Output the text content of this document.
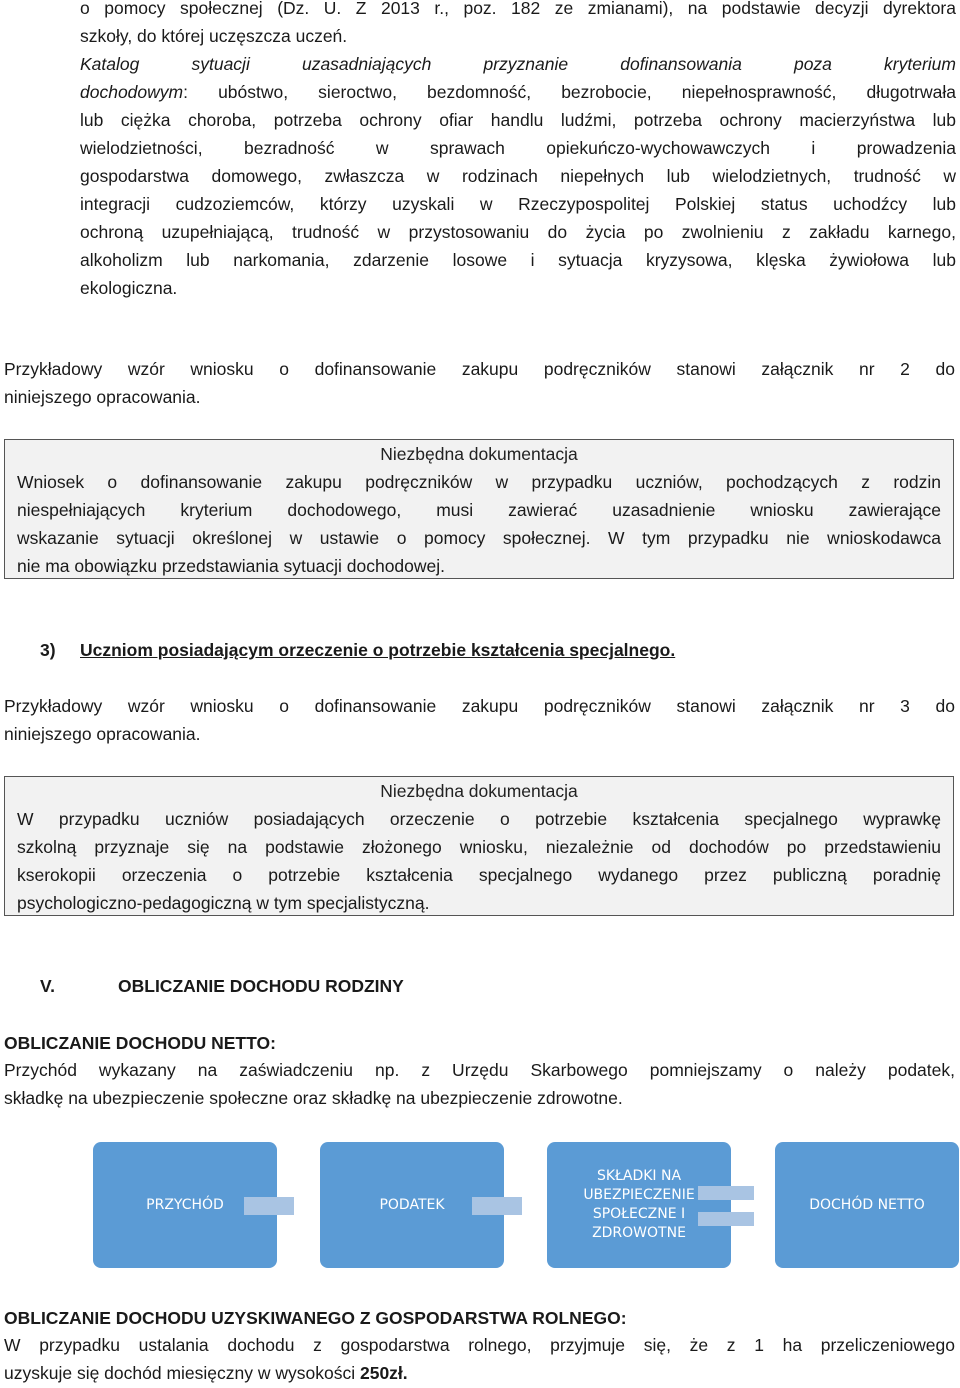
o pomocy społecznej (Dz. U. Z 2013 r., poz. 182 ze zmianami), na podstawie decyzji dyrektora
szkoły, do której uczęszcza uczeń.
Katalog sytuacji uzasadniających przyznanie dofinansowania poza kryterium
dochodowym: ubóstwo, sieroctwo, bezdomność, bezrobocie, niepełnosprawność, długotrwała
lub ciężka choroba, potrzeba ochrony ofiar handlu ludźmi, potrzeba ochrony macierzyństwa lub
wielodzietności, bezradność w sprawach opiekuńczo-wychowawczych i prowadzenia
gospodarstwa domowego, zwłaszcza w rodzinach niepełnych lub wielodzietnych, trudność w
integracji cudzoziemców, którzy uzyskali w Rzeczypospolitej Polskiej status uchodźcy lub
ochroną uzupełniającą, trudność w przystosowaniu do życia po zwolnieniu z zakładu karnego,
alkoholizm lub narkomania, zdarzenie losowe i sytuacja kryzysowa, klęska żywiołowa lub
ekologiczna.
Przykładowy wzór wniosku o dofinansowanie zakupu podręczników stanowi załącznik nr 2 do
niniejszego opracowania.
Niezbędna dokumentacja
Wniosek o dofinansowanie zakupu podręczników w przypadku uczniów, pochodzących z rodzin
niespełniających kryterium dochodowego, musi zawierać uzasadnienie wniosku zawierające
wskazanie sytuacji określonej w ustawie o pomocy społecznej. W tym przypadku nie wnioskodawca
nie ma obowiązku przedstawiania sytuacji dochodowej.
3) Uczniom posiadającym orzeczenie o potrzebie kształcenia specjalnego.
Przykładowy wzór wniosku o dofinansowanie zakupu podręczników stanowi załącznik nr 3 do
niniejszego opracowania.
Niezbędna dokumentacja
W przypadku uczniów posiadających orzeczenie o potrzebie kształcenia specjalnego wyprawkę
szkolną przyznaje się na podstawie złożonego wniosku, niezależnie od dochodów po przedstawieniu
kserokopii orzeczenia o potrzebie kształcenia specjalnego wydanego przez publiczną poradnię
psychologiczno-pedagogiczną w tym specjalistyczną.
V.	OBLICZANIE DOCHODU RODZINY
OBLICZANIE DOCHODU NETTO:
Przychód wykazany na zaświadczeniu np. z Urzędu Skarbowego pomniejszamy o należy podatek,
składkę na ubezpieczenie społeczne oraz składkę na ubezpieczenie zdrowotne.
PRZYCHÓD	PODATEK
SKŁADKI NA
UBEZPIECZENIE
SPOŁECZNE I
ZDROWOTNE
DOCHÓD NETTO
OBLICZANIE DOCHODU UZYSKIWANEGO Z GOSPODARSTWA ROLNEGO:
W przypadku ustalania dochodu z gospodarstwa rolnego, przyjmuje się, że z 1 ha przeliczeniowego
uzyskuje się dochód miesięczny w wysokości 250zł.
